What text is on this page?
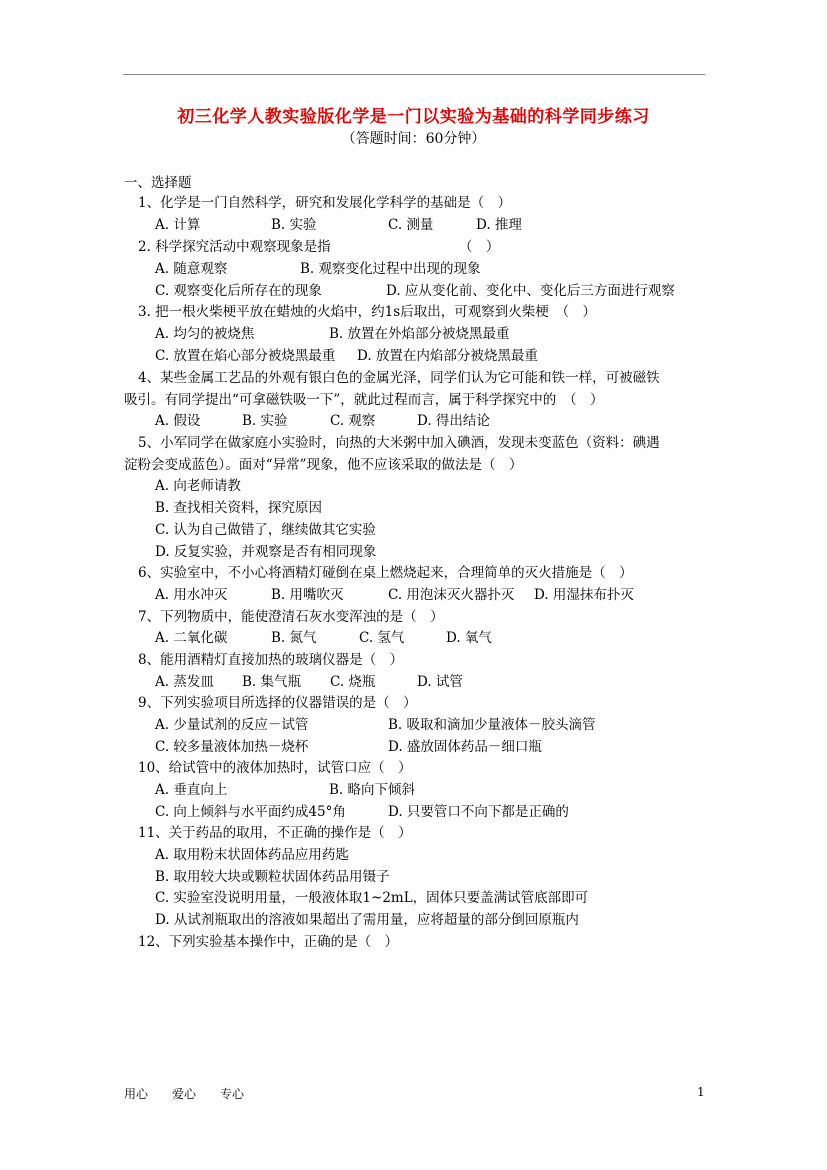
初三化学人教实验版化学是一门以实验为基础的科学同步练习
（答题时间：60分钟）
一、选择题
1、化学是一门自然科学，研究和发展化学科学的基础是（　）
A. 计算	B. 实验	C. 测量	D. 推理
2. 科学探究活动中观察现象是指　　　　　　　　　　（　）
A. 随意观察	B. 观察变化过程中出现的现象
C. 观察变化后所存在的现象	D. 应从变化前、变化中、变化后三方面进行观察
3. 把一根火柴梗平放在蜡烛的火焰中，约1s后取出，可观察到火柴梗　（　）
A. 均匀的被烧焦	B. 放置在外焰部分被烧黑最重
C. 放置在焰心部分被烧黑最重 D. 放置在内焰部分被烧黑最重
4、某些金属工艺品的外观有银白色的金属光泽，同学们认为它可能和铁一样，可被磁铁
吸引。有同学提出“可拿磁铁吸一下”，就此过程而言，属于科学探究中的　（　）
A. 假设	B. 实验	C. 观察	D. 得出结论
5、小军同学在做家庭小实验时，向热的大米粥中加入碘酒，发现未变蓝色（资料：碘遇
淀粉会变成蓝色）。面对“异常”现象，他不应该采取的做法是（　）
A. 向老师请教
B. 查找相关资料，探究原因
C. 认为自己做错了，继续做其它实验
D. 反复实验，并观察是否有相同现象
6、实验室中，不小心将酒精灯碰倒在桌上燃烧起来，合理简单的灭火措施是（　）
A. 用水冲灭	B. 用嘴吹灭	C. 用泡沫灭火器扑灭 D. 用湿抹布扑灭
7、下列物质中，能使澄清石灰水变浑浊的是（　）
A. 二氧化碳	B. 氮气	C. 氢气	D. 氧气
8、能用酒精灯直接加热的玻璃仪器是（　）
A. 蒸发皿 B. 集气瓶 C. 烧瓶	D. 试管
9、下列实验项目所选择的仪器错误的是（　）
A. 少量试剂的反应－试管	B. 吸取和滴加少量液体－胶头滴管
C. 较多量液体加热－烧杯	D. 盛放固体药品－细口瓶
10、给试管中的液体加热时，试管口应（　）
A. 垂直向上	B. 略向下倾斜
C. 向上倾斜与水平面约成45°角	D. 只要管口不向下都是正确的
11、关于药品的取用，不正确的操作是（　）
A. 取用粉末状固体药品应用药匙
B. 取用较大块或颗粒状固体药品用镊子
C. 实验室没说明用量，一般液体取1~2mL，固体只要盖满试管底部即可
D. 从试剂瓶取出的溶液如果超出了需用量，应将超量的部分倒回原瓶内
12、下列实验基本操作中，正确的是（　）
用心　　爱心　　专心	1
